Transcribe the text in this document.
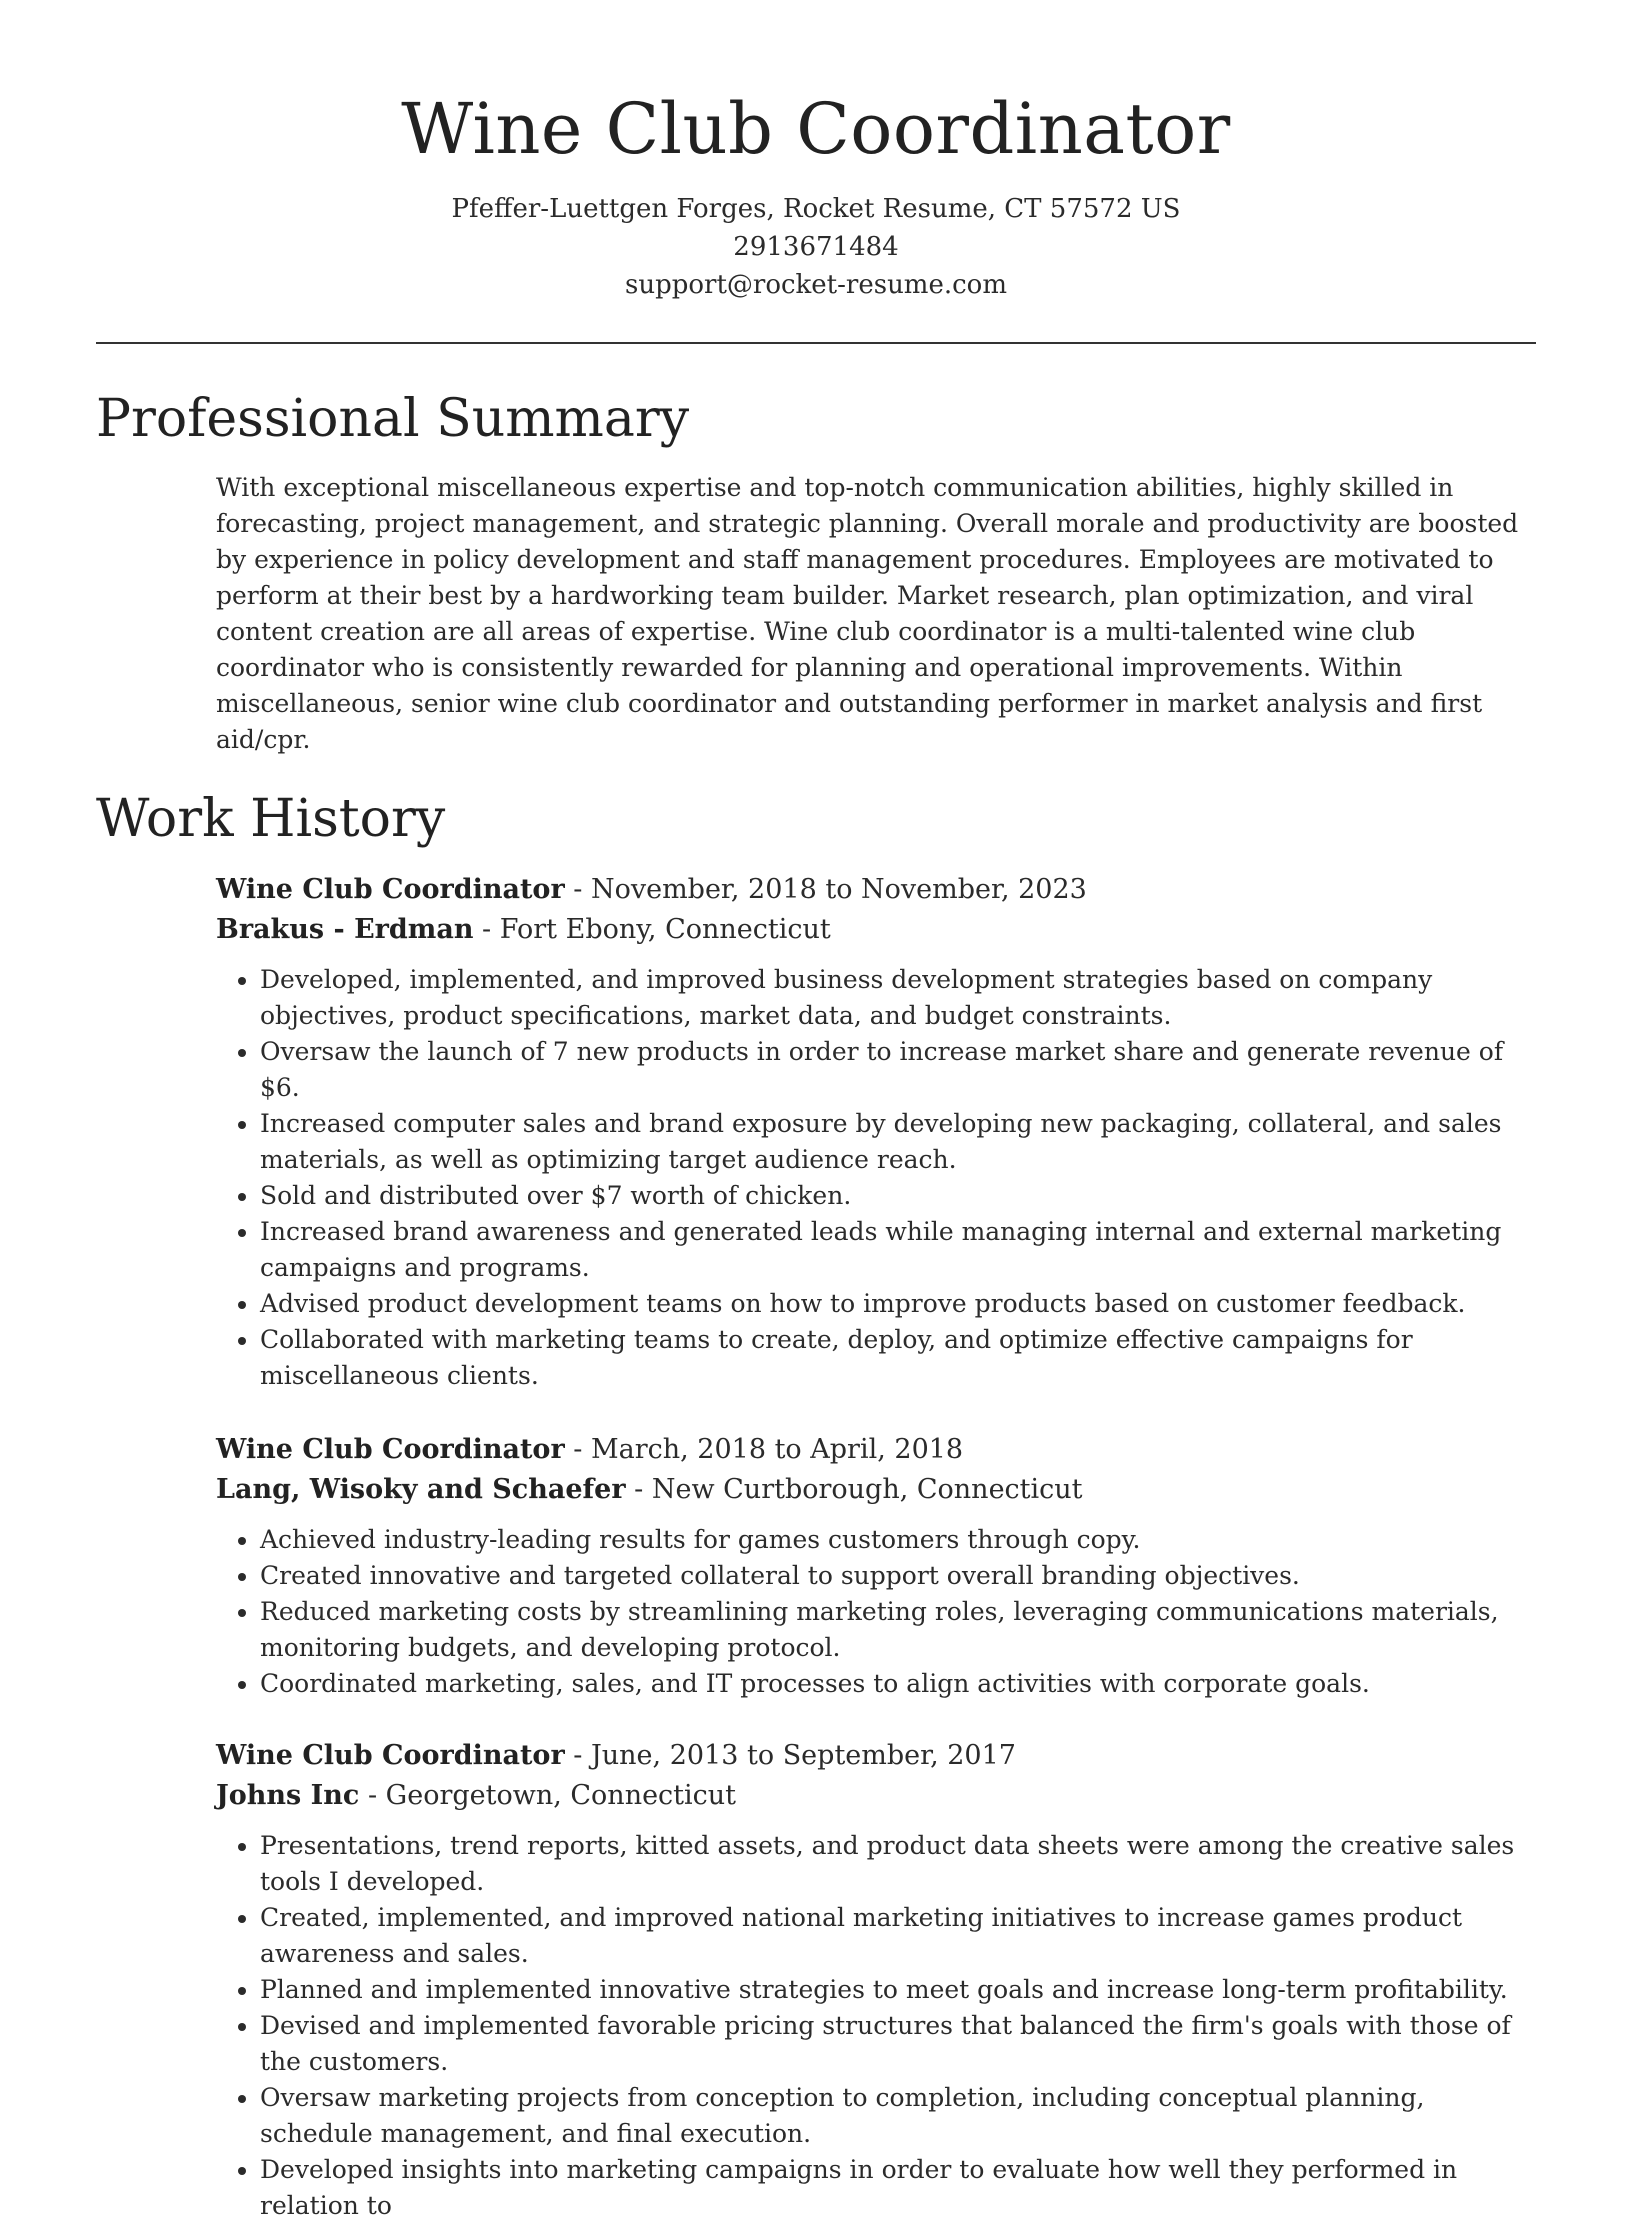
Wine Club Coordinator
Pfeffer-Luettgen Forges, Rocket Resume, CT 57572 US
2913671484
support@rocket-resume.com
Professional Summary
With exceptional miscellaneous expertise and top-notch communication abilities, highly skilled in forecasting, project management, and strategic planning. Overall morale and productivity are boosted by experience in policy development and staff management procedures. Employees are motivated to perform at their best by a hardworking team builder. Market research, plan optimization, and viral content creation are all areas of expertise. Wine club coordinator is a multi-talented wine club coordinator who is consistently rewarded for planning and operational improvements. Within miscellaneous, senior wine club coordinator and outstanding performer in market analysis and first aid/cpr.
Work History
Wine Club Coordinator - November, 2018 to November, 2023
Brakus - Erdman - Fort Ebony, Connecticut
• Developed, implemented, and improved business development strategies based on company objectives, product specifications, market data, and budget constraints.
• Oversaw the launch of 7 new products in order to increase market share and generate revenue of $6.
• Increased computer sales and brand exposure by developing new packaging, collateral, and sales materials, as well as optimizing target audience reach.
• Sold and distributed over $7 worth of chicken.
• Increased brand awareness and generated leads while managing internal and external marketing campaigns and programs.
• Advised product development teams on how to improve products based on customer feedback.
• Collaborated with marketing teams to create, deploy, and optimize effective campaigns for miscellaneous clients.
Wine Club Coordinator - March, 2018 to April, 2018
Lang, Wisoky and Schaefer - New Curtborough, Connecticut
• Achieved industry-leading results for games customers through copy.
• Created innovative and targeted collateral to support overall branding objectives.
• Reduced marketing costs by streamlining marketing roles, leveraging communications materials, monitoring budgets, and developing protocol.
• Coordinated marketing, sales, and IT processes to align activities with corporate goals.
Wine Club Coordinator - June, 2013 to September, 2017
Johns Inc - Georgetown, Connecticut
• Presentations, trend reports, kitted assets, and product data sheets were among the creative sales tools I developed.
• Created, implemented, and improved national marketing initiatives to increase games product awareness and sales.
• Planned and implemented innovative strategies to meet goals and increase long-term profitability.
• Devised and implemented favorable pricing structures that balanced the firm's goals with those of the customers.
• Oversaw marketing projects from conception to completion, including conceptual planning, schedule management, and final execution.
• Developed insights into marketing campaigns in order to evaluate how well they performed in relation to
